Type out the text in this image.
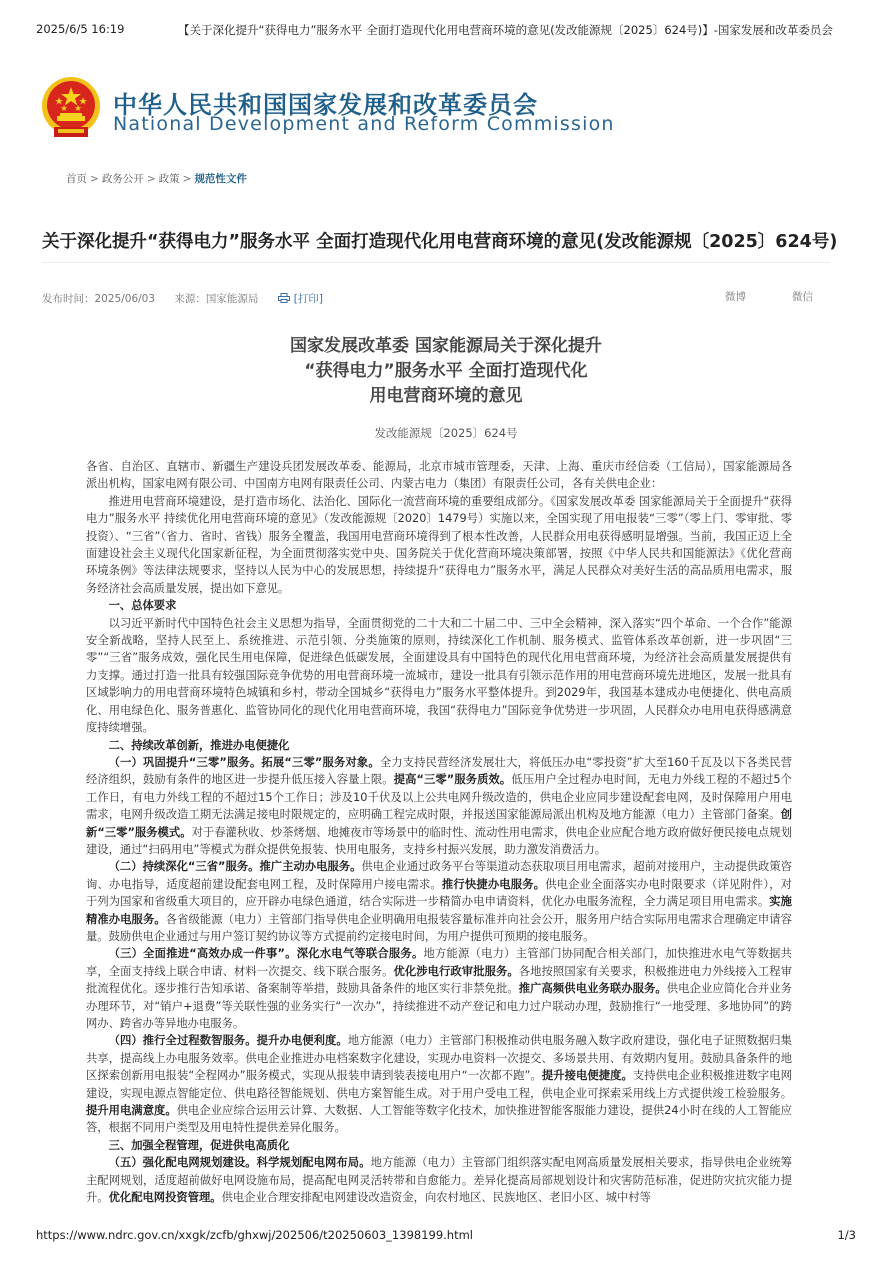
2025/6/5 16:19	【关于深化提升“获得电力”服务水平 全面打造现代化用电营商环境的意见(发改能源规〔2025〕624号)】-国家发展和改革委员会
中华人民共和国国家发展和改革委员会
National Development and Reform Commission
首页 > 政务公开 > 政策 > 规范性文件
关于深化提升“获得电力”服务水平 全面打造现代化用电营商环境的意见(发改能源规〔2025〕624号)
发布时间：2025/06/03 来源：国家能源局	[打印]	微博	微信
国家发展改革委 国家能源局关于深化提升
“获得电力”服务水平 全面打造现代化
用电营商环境的意见
发改能源规〔2025〕624号

各省、自治区、直辖市、新疆生产建设兵团发展改革委、能源局，北京市城市管理委，天津、上海、重庆市经信委（工信局），国家能源局各派出机构，国家电网有限公司、中国南方电网有限责任公司、内蒙古电力（集团）有限责任公司，各有关供电企业：

推进用电营商环境建设，是打造市场化、法治化、国际化一流营商环境的重要组成部分。《国家发展改革委 国家能源局关于全面提升“获得电力”服务水平 持续优化用电营商环境的意见》（发改能源规〔2020〕1479号）实施以来，全国实现了用电报装“三零”（零上门、零审批、零投资）、“三省”（省力、省时、省钱）服务全覆盖，我国用电营商环境得到了根本性改善，人民群众用电获得感明显增强。当前，我国正迈上全面建设社会主义现代化国家新征程，为全面贯彻落实党中央、国务院关于优化营商环境决策部署，按照《中华人民共和国能源法》《优化营商环境条例》等法律法规要求，坚持以人民为中心的发展思想，持续提升“获得电力”服务水平，满足人民群众对美好生活的高品质用电需求，服务经济社会高质量发展，提出如下意见。

一、总体要求

以习近平新时代中国特色社会主义思想为指导，全面贯彻党的二十大和二十届二中、三中全会精神，深入落实“四个革命、一个合作”能源安全新战略，坚持人民至上、系统推进、示范引领、分类施策的原则，持续深化工作机制、服务模式、监管体系改革创新，进一步巩固“三零”“三省”服务成效，强化民生用电保障，促进绿色低碳发展，全面建设具有中国特色的现代化用电营商环境，为经济社会高质量发展提供有力支撑。通过打造一批具有较强国际竞争优势的用电营商环境一流城市，建设一批具有引领示范作用的用电营商环境先进地区，发展一批具有区域影响力的用电营商环境特色城镇和乡村，带动全国城乡“获得电力”服务水平整体提升。到2029年，我国基本建成办电便捷化、供电高质化、用电绿色化、服务普惠化、监管协同化的现代化用电营商环境，我国“获得电力”国际竞争优势进一步巩固，人民群众办电用电获得感满意度持续增强。

二、持续改革创新，推进办电便捷化

（一）巩固提升“三零”服务。拓展“三零”服务对象。全力支持民营经济发展壮大，将低压办电“零投资”扩大至160千瓦及以下各类民营经济组织，鼓励有条件的地区进一步提升低压接入容量上限。提高“三零”服务质效。低压用户全过程办电时间，无电力外线工程的不超过5个工作日，有电力外线工程的不超过15个工作日；涉及10千伏及以上公共电网升级改造的，供电企业应同步建设配套电网，及时保障用户用电需求，电网升级改造工期无法满足接电时限规定的，应明确工程完成时限，并报送国家能源局派出机构及地方能源（电力）主管部门备案。创新“三零”服务模式。对于春灌秋收、炒茶烤烟、地摊夜市等场景中的临时性、流动性用电需求，供电企业应配合地方政府做好便民接电点规划建设，通过“扫码用电”等模式为群众提供免报装、快用电服务，支持乡村振兴发展，助力激发消费活力。

（二）持续深化“三省”服务。推广主动办电服务。供电企业通过政务平台等渠道动态获取项目用电需求，超前对接用户，主动提供政策咨询、办电指导，适度超前建设配套电网工程，及时保障用户接电需求。推行快捷办电服务。供电企业全面落实办电时限要求（详见附件），对于列为国家和省级重大项目的，应开辟办电绿色通道，结合实际进一步精简办电申请资料，优化办电服务流程，全力满足项目用电需求。实施精准办电服务。各省级能源（电力）主管部门指导供电企业明确用电报装容量标准并向社会公开，服务用户结合实际用电需求合理确定申请容量。鼓励供电企业通过与用户签订契约协议等方式提前约定接电时间，为用户提供可预期的接电服务。

（三）全面推进“高效办成一件事”。深化水电气等联合服务。地方能源（电力）主管部门协同配合相关部门，加快推进水电气等数据共享，全面支持线上联合申请、材料一次提交、线下联合服务。优化涉电行政审批服务。各地按照国家有关要求，积极推进电力外线接入工程审批流程优化。逐步推行告知承诺、备案制等举措，鼓励具备条件的地区实行非禁免批。推广高频供电业务联办服务。供电企业应简化合并业务办理环节，对“销户+退费”等关联性强的业务实行“一次办”，持续推进不动产登记和电力过户联动办理，鼓励推行“一地受理、多地协同”的跨网办、跨省办等异地办电服务。

（四）推行全过程数智服务。提升办电便利度。地方能源（电力）主管部门积极推动供电服务融入数字政府建设，强化电子证照数据归集共享，提高线上办电服务效率。供电企业推进办电档案数字化建设，实现办电资料一次提交、多场景共用、有效期内复用。鼓励具备条件的地区探索创新用电报装“全程网办”服务模式，实现从报装申请到装表接电用户“一次都不跑”。提升接电便捷度。支持供电企业积极推进数字电网建设，实现电源点智能定位、供电路径智能规划、供电方案智能生成。对于用户受电工程，供电企业可探索采用线上方式提供竣工检验服务。提升用电满意度。供电企业应综合运用云计算、大数据、人工智能等数字化技术，加快推进智能客服能力建设，提供24小时在线的人工智能应答，根据不同用户类型及用电特性提供差异化服务。

三、加强全程管理，促进供电高质化

（五）强化配电网规划建设。科学规划配电网布局。地方能源（电力）主管部门组织落实配电网高质量发展相关要求，指导供电企业统筹主配网规划，适度超前做好电网设施布局，提高配电网灵活转带和自愈能力。差异化提高局部规划设计和灾害防范标准，促进防灾抗灾能力提升。优化配电网投资管理。供电企业合理安排配电网建设改造资金，向农村地区、民族地区、老旧小区、城中村等

https://www.ndrc.gov.cn/xxgk/zcfb/ghxwj/202506/t20250603_1398199.html	1/3
